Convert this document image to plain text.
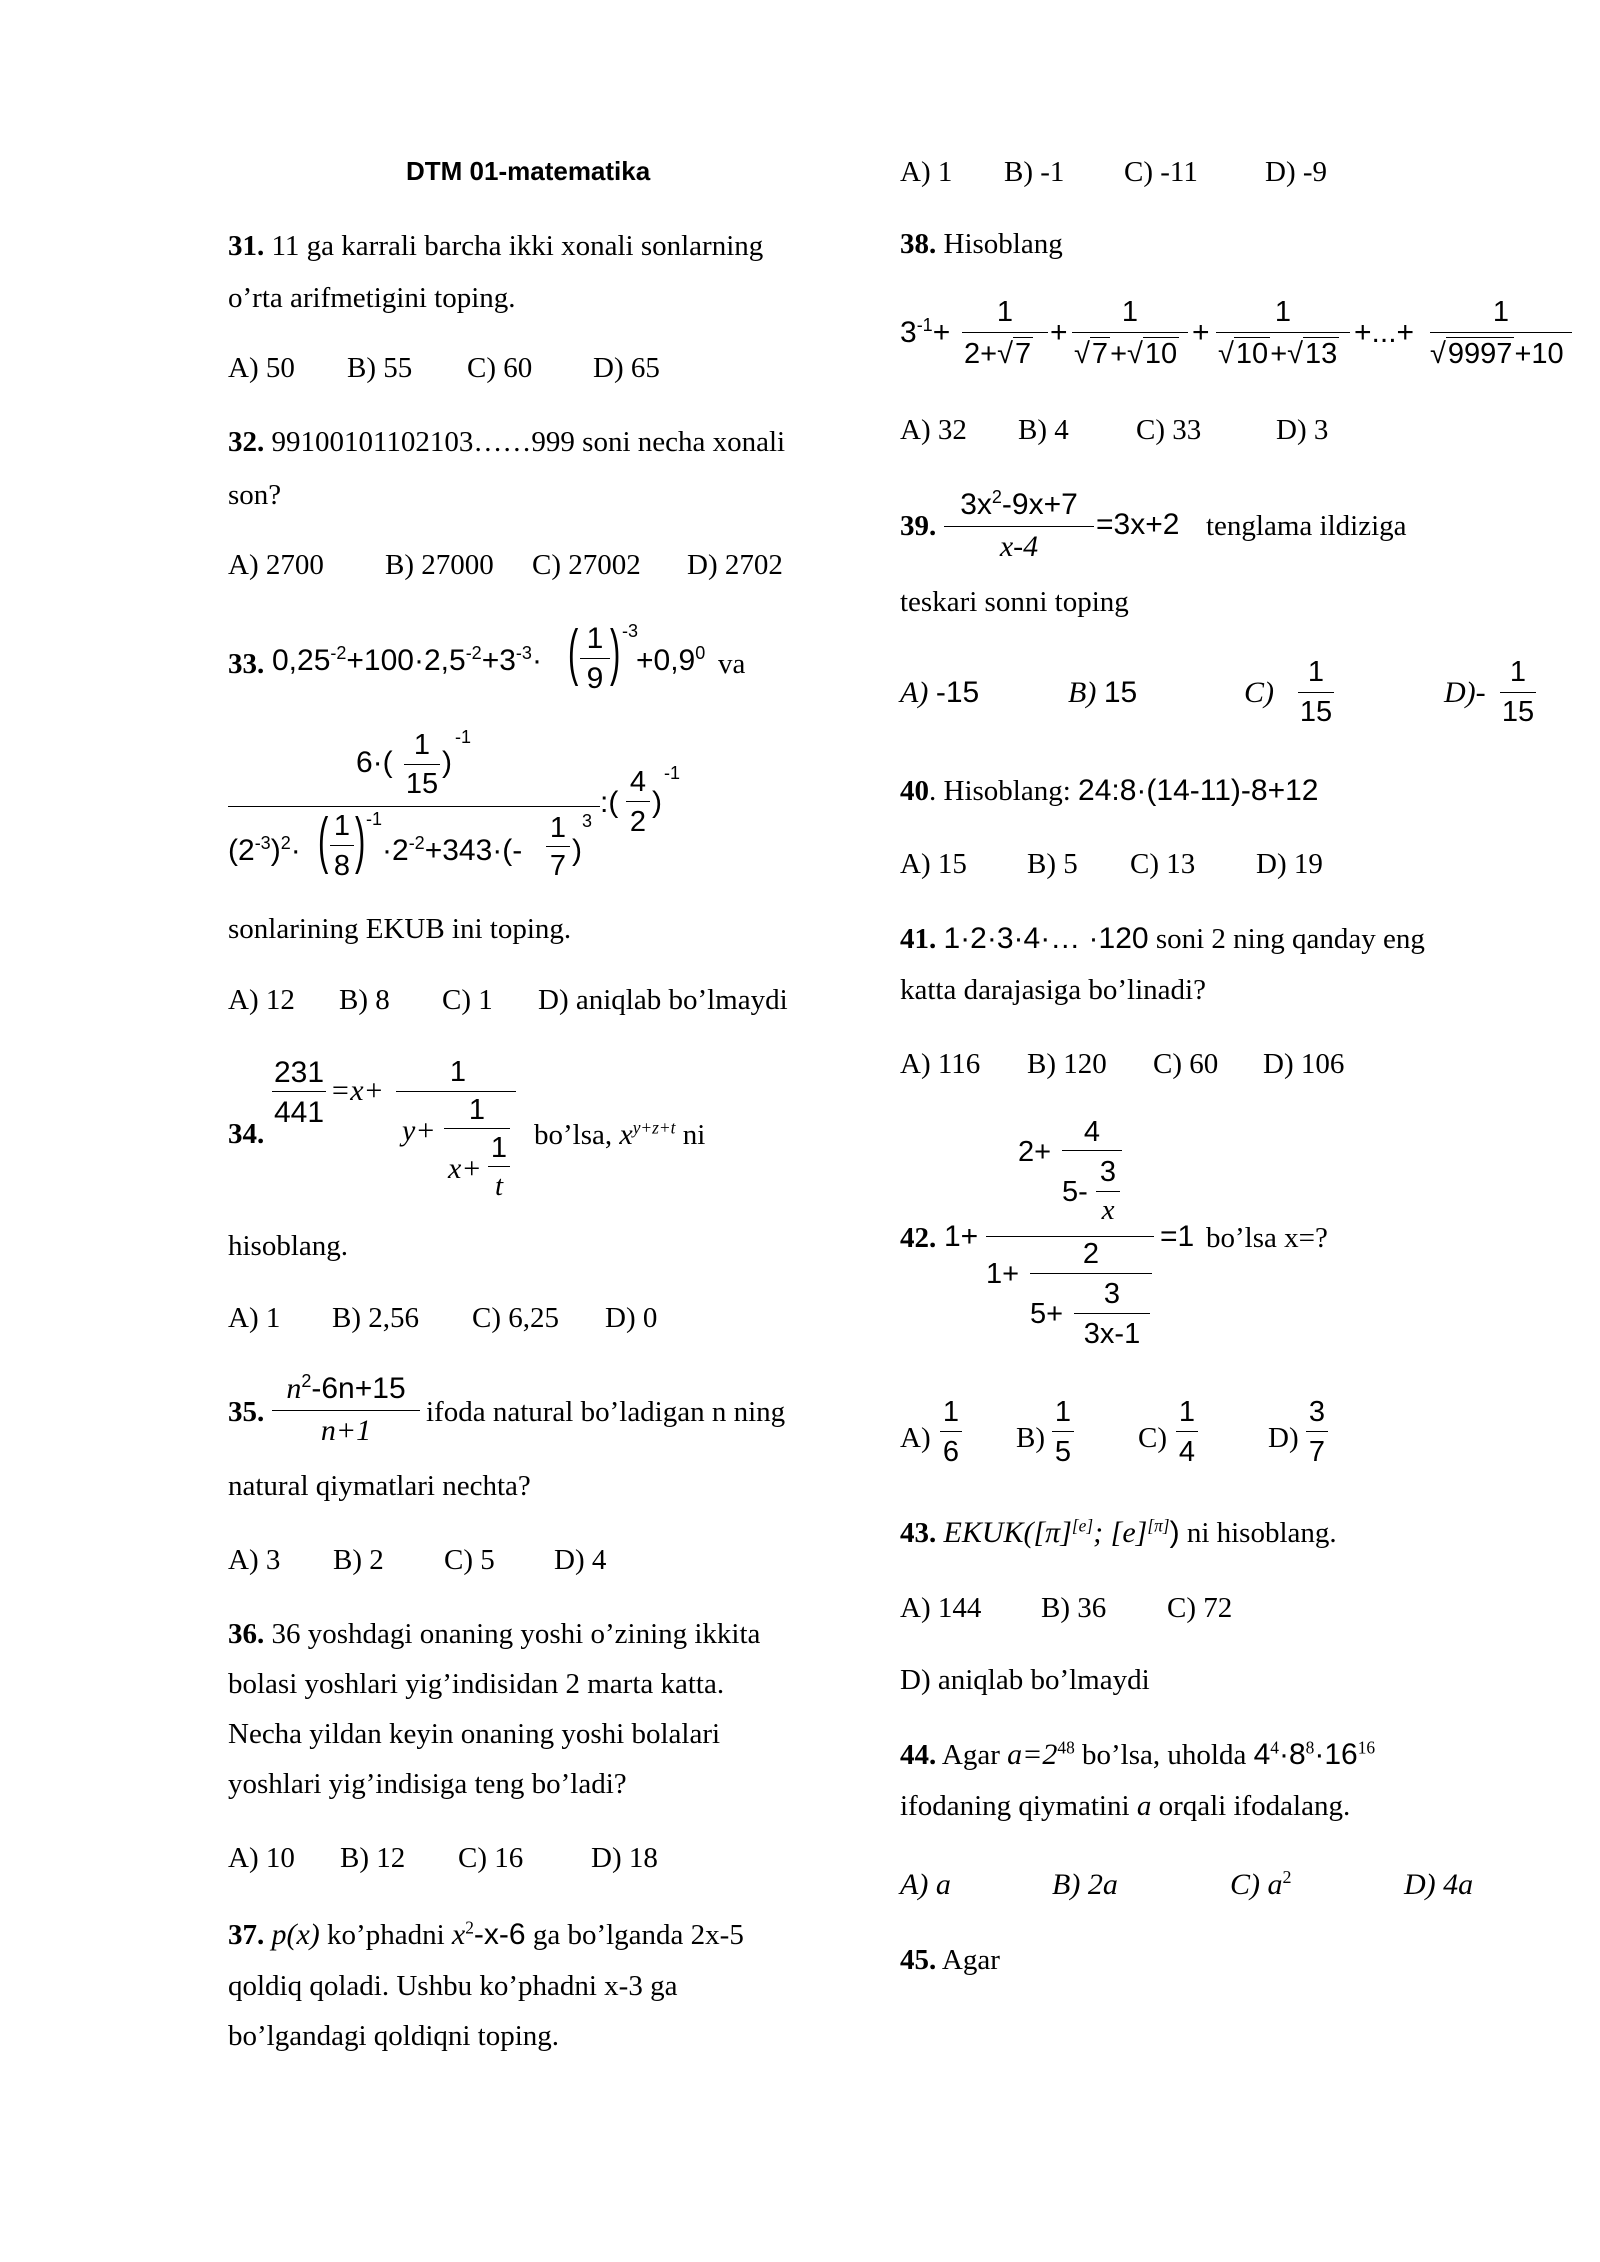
DTM 01-matematika
31. 11 ga karrali barcha ikki xonali sonlarning
o’rta arifmetigini toping.
A) 50 B) 55 C) 60 D) 65
32. 99100101102103……999 soni necha xonali
son?
A) 2700 B) 27000 C) 27002 D) 2702
33. $0,25^{-2}+100\cdot 2,5^{-2}+3^{-3}\cdot$ ( 1
9 ) -3
$+0,9^0$ va
6·(
1
15
)
-1
$(2^{-3})^2\cdot$ ( 1
8 ) -1
$\cdot 2^{-2}+343\cdot(-$
1
7 )
3
:(
4
2
)
-1
sonlarining EKUB ini toping.
A) 12 B) 8 C) 1 D) aniqlab bo’lmaydi
34.
231
441
=x+
1
y+
1
x+
1
t
bo’lsa, $x^{y+z+t}$ ni
hisoblang.
A) 1 B) 2,56 C) 6,25 D) 0
35.
$n^2-6n+15$
n+1
ifoda natural bo’ladigan n ning
natural qiymatlari nechta?
A) 3 B) 2 C) 5 D) 4
36. 36 yoshdagi onaning yoshi o’zining ikkita
bolasi yoshlari yig’indisidan 2 marta katta.
Necha yildan keyin onaning yoshi bolalari
yoshlari yig’indisiga teng bo’ladi?
A) 10 B) 12 C) 16 D) 18
37. p(x) ko’phadni $x^2-x-6$ ga bo’lganda 2x-5
qoldiq qoladi. Ushbu ko’phadni x-3 ga
bo’lgandagi qoldiqni toping.
A) 1 B) -1 C) -11 D) -9
38. Hisoblang
$3^{-1}+$
1
2+√7
+
1
√7+√10
+
1
√10+√13
+...+
1
√9997+10
A) 32 B) 4 C) 33	D) 3
39.
$3x^2-9x+7$
x-4
=3x+2 tenglama ildiziga
teskari sonni toping
A) -15	B) 15	C)
1
15
D)-
1
15
40. Hisoblang: 24:8·(14-11)-8+12
A) 15 B) 5 C) 13 D) 19
41. 1·2·3·4·… ·120 soni 2 ning qanday eng
katta darajasiga bo’linadi?
A) 116 B) 120 C) 60 D) 106
42. 1+
2+
4
5-
3
x
1+
2
5+
3
3x-1
=1 bo’lsa x=?
A)
1
6 B)
1
5 C)
1
4	D)
3
7
43. EKUK([π][e]; [e][π]) ni hisoblang.
A) 144 B) 36 C) 72
D) aniqlab bo’lmaydi
44. Agar $a=2^{48}$ bo’lsa, uholda $4^4\cdot 8^8\cdot 16^{16}$
ifodaning qiymatini a orqali ifodalang.
A) a	B) 2a	C) $a^2$	D) 4a
45. Agar
